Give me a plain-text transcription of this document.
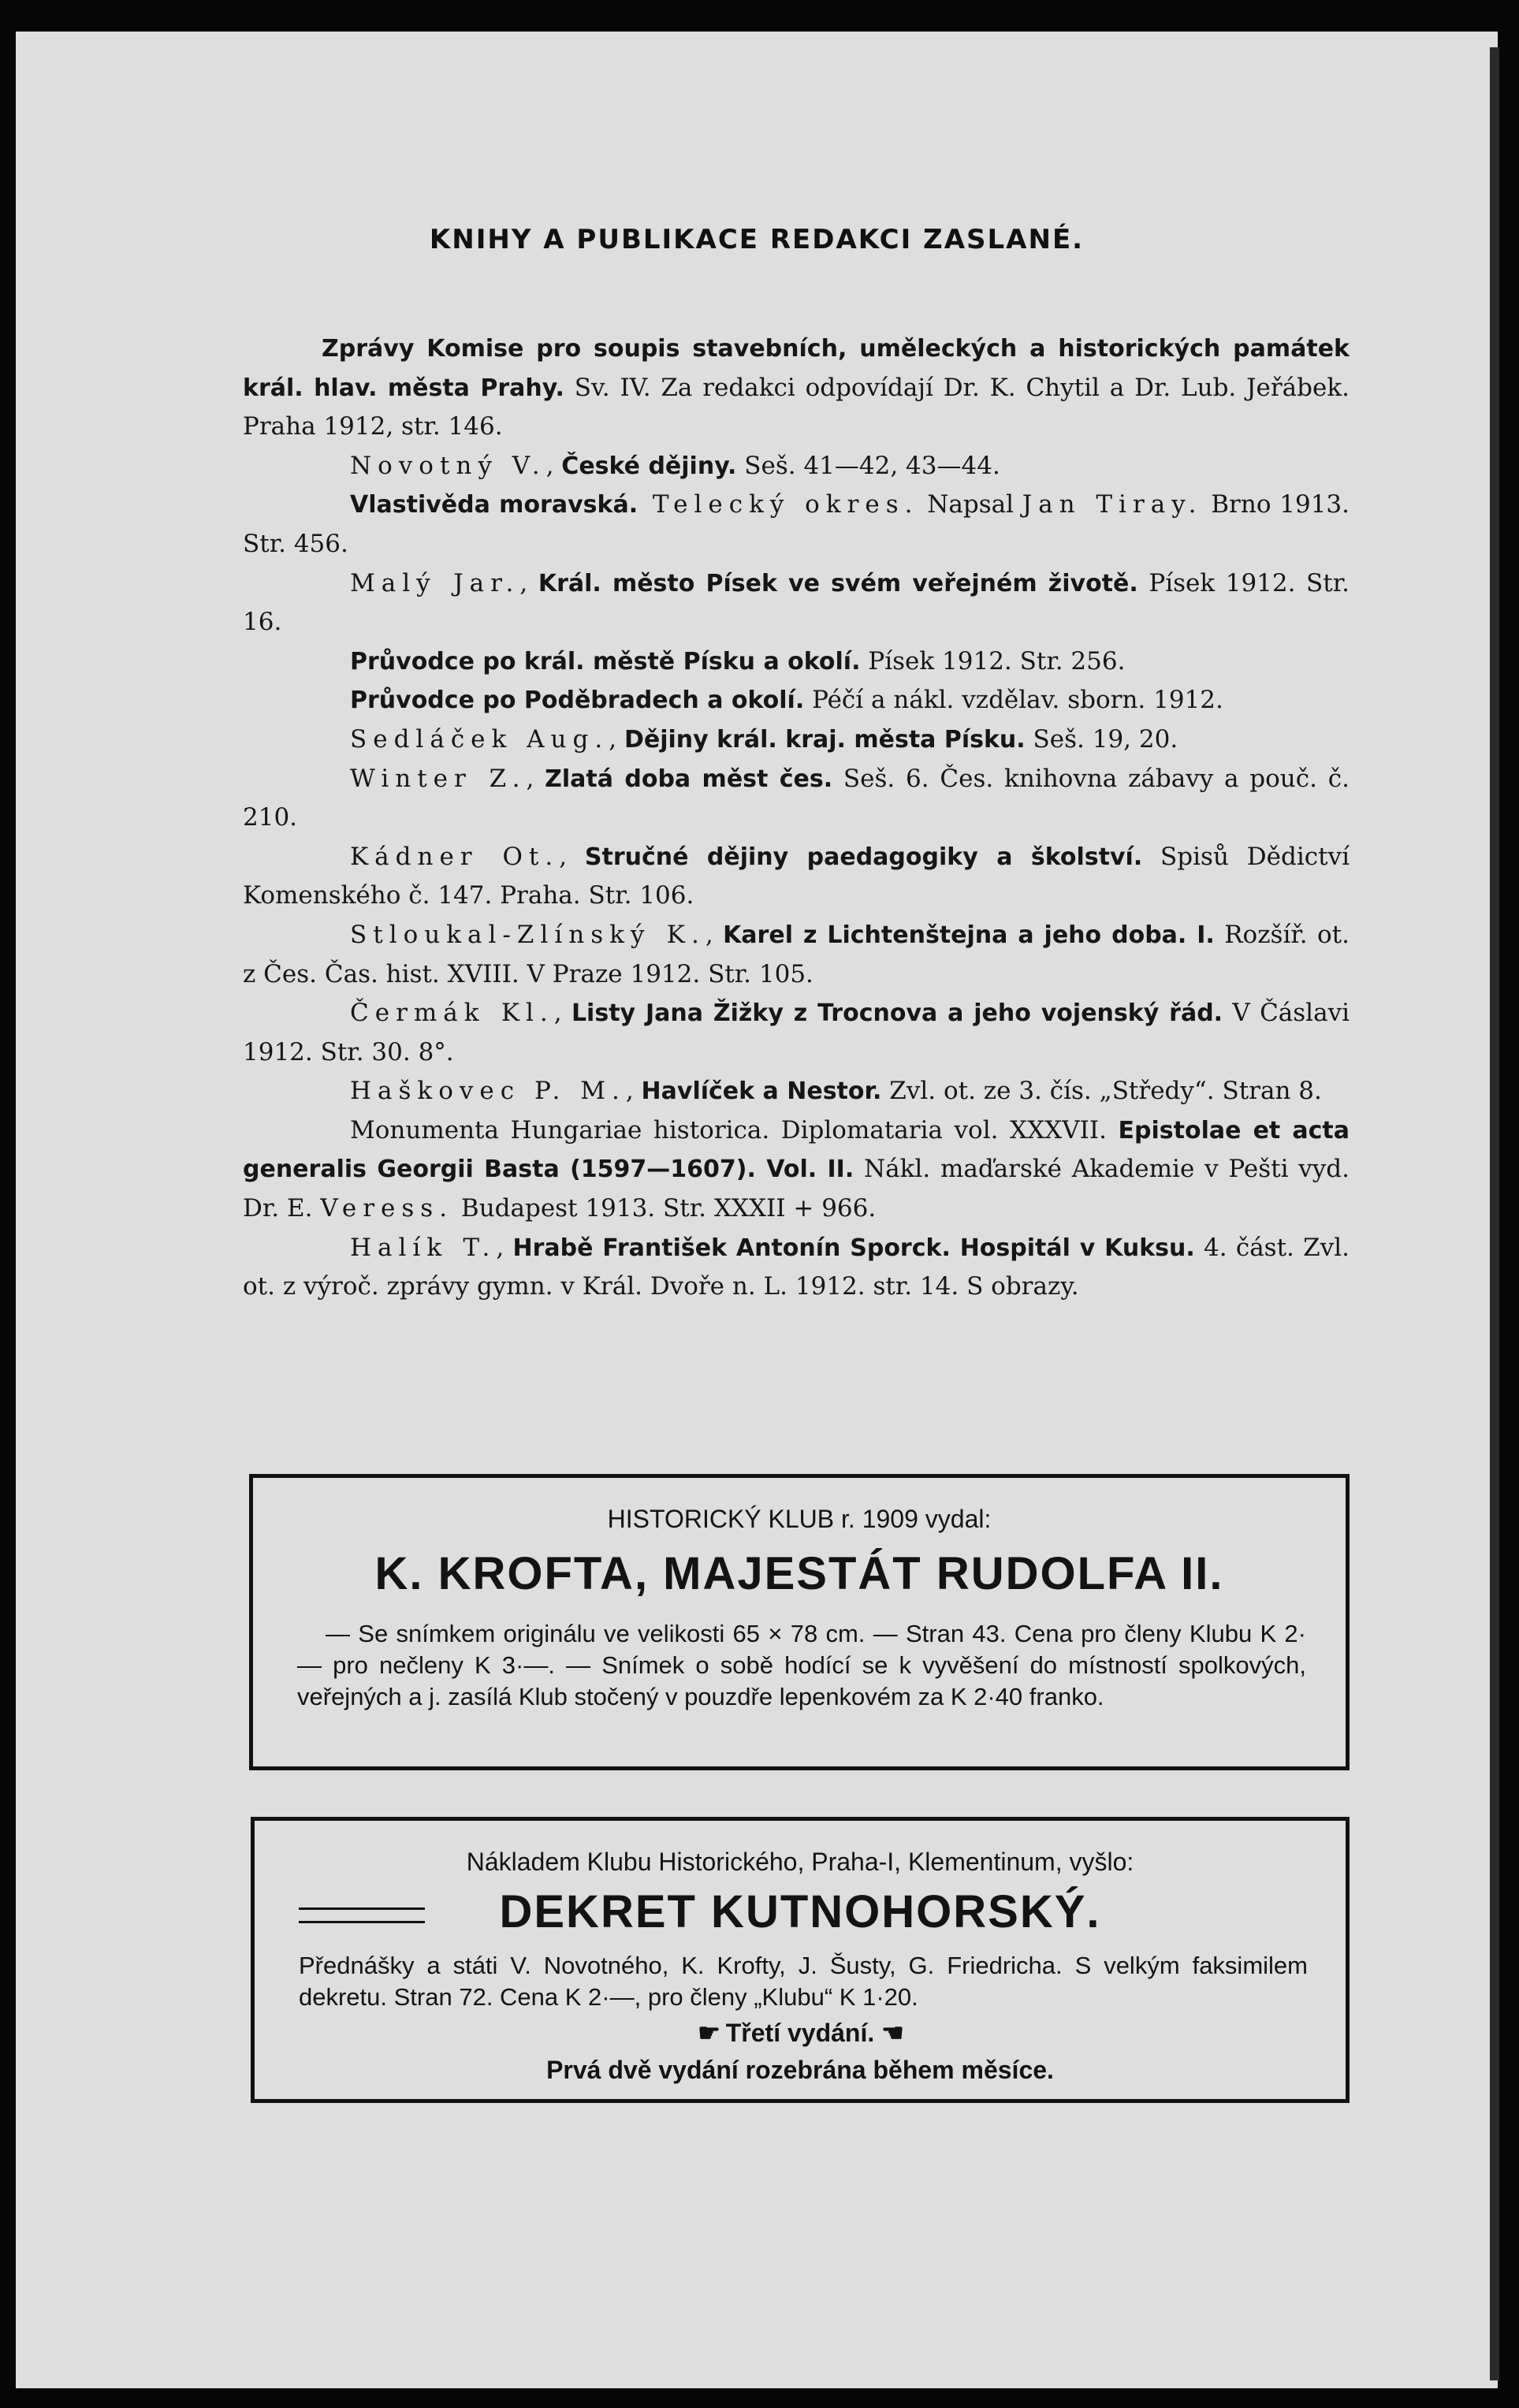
KNIHY A PUBLIKACE REDAKCI ZASLANÉ.

Zprávy Komise pro soupis stavebních, uměleckých a historických památek král. hlav. města Prahy. Sv. IV. Za redakci odpovídají Dr. K. Chytil a Dr. Lub. Jeřábek. Praha 1912, str. 146.

Novotný V., České dějiny. Seš. 41—42, 43—44.

Vlastivěda moravská. Telecký okres. Napsal Jan Tiray. Brno 1913. Str. 456.

Malý Jar., Král. město Písek ve svém veřejném životě. Písek 1912. Str. 16.

Průvodce po král. městě Písku a okolí. Písek 1912. Str. 256.

Průvodce po Poděbradech a okolí. Péčí a nákl. vzdělav. sborn. 1912.

Sedláček Aug., Dějiny král. kraj. města Písku. Seš. 19, 20.

Winter Z., Zlatá doba měst čes. Seš. 6. Čes. knihovna zábavy a pouč. č. 210.

Kádner Ot., Stručné dějiny paedagogiky a školství. Spisů Dědictví Komenského č. 147. Praha. Str. 106.

Stloukal-Zlínský K., Karel z Lichtenštejna a jeho doba. I. Rozšíř. ot. z Čes. Čas. hist. XVIII. V Praze 1912. Str. 105.

Čermák Kl., Listy Jana Žižky z Trocnova a jeho vojenský řád. V Čáslavi 1912. Str. 30. 8°.

Haškovec P. M., Havlíček a Nestor. Zvl. ot. ze 3. čís. „Středy“. Stran 8.

Monumenta Hungariae historica. Diplomataria vol. XXXVII. Epistolae et acta generalis Georgii Basta (1597—1607). Vol. II. Nákl. maďarské Akademie v Pešti vyd. Dr. E. Veress. Budapest 1913. Str. XXXII + 966.

Halík T., Hrabě František Antonín Sporck. Hospitál v Kuksu. 4. část. Zvl. ot. z výroč. zprávy gymn. v Král. Dvoře n. L. 1912. str. 14. S obrazy.

HISTORICKÝ KLUB r. 1909 vydal:
K. KROFTA, MAJESTÁT RUDOLFA II.
— Se snímkem originálu ve velikosti 65 × 78 cm. — Stran 43. Cena pro členy Klubu K 2·— pro nečleny K 3·—. — Snímek o sobě hodící se k vyvěšení do místností spolkových, veřejných a j. zasílá Klub stočený v pouzdře lepenkovém za K 2·40 franko.
Nákladem Klubu Historického, Praha-I, Klementinum, vyšlo:
DEKRET KUTNOHORSKÝ.
Přednášky a státi V. Novotného, K. Krofty, J. Šusty, G. Friedricha. S velkým faksimilem dekretu. Stran 72. Cena K 2·—, pro členy „Klubu“ K 1·20.
☛ Třetí vydání. ☚
Prvá dvě vydání rozebrána během měsíce.
